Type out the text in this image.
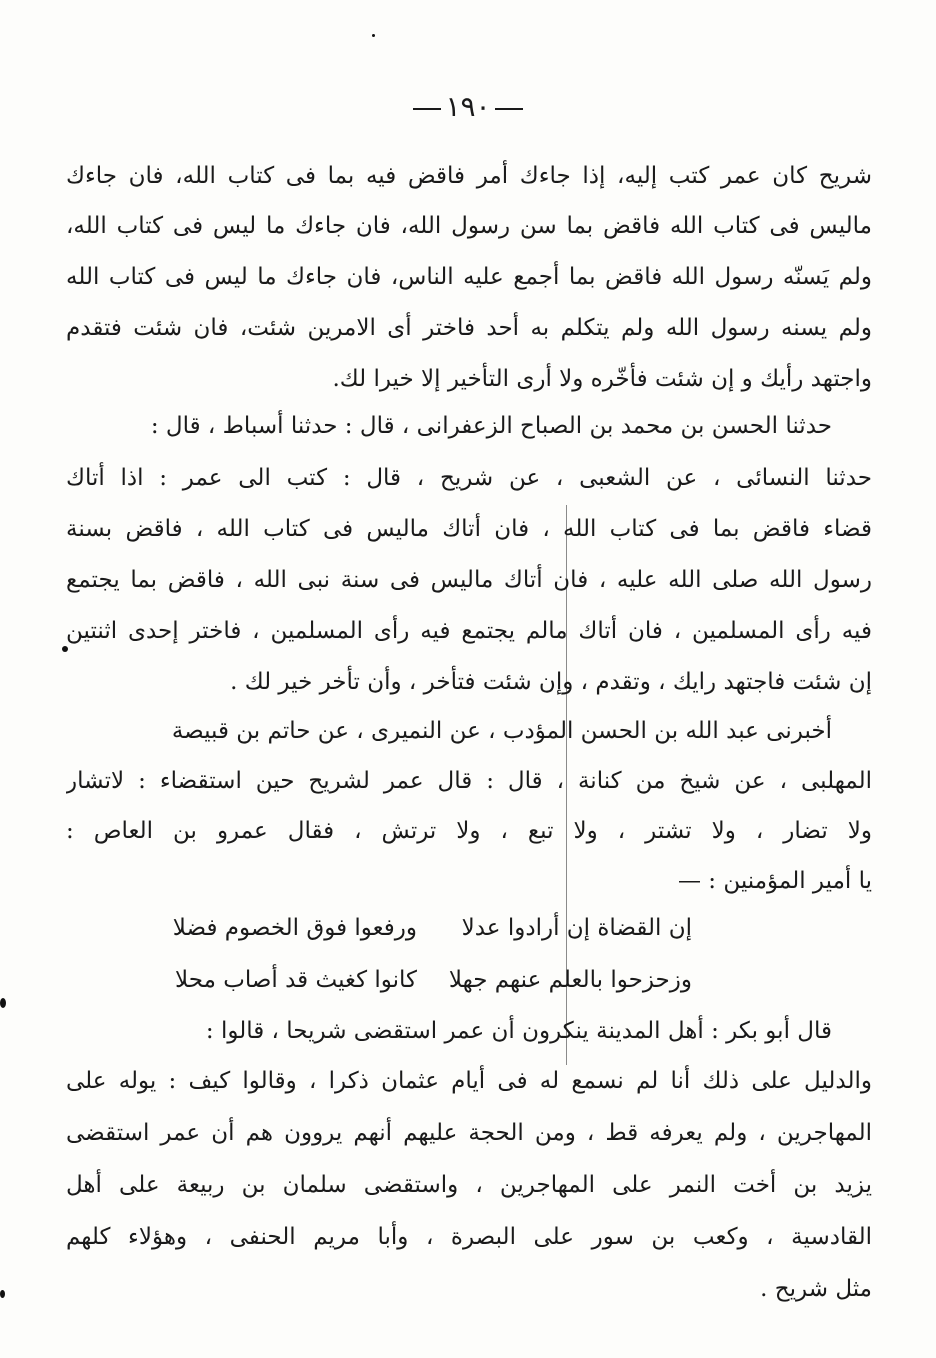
١٩٠
شريح كان عمر كتب إليه، إذا جاءك أمر فاقض فيه بما فى كتاب الله، فان جاءك
ماليس فى كتاب الله فاقض بما سن رسول الله، فان جاءك ما ليس فى كتاب الله،
ولم يَسنّه رسول الله فاقض بما أجمع عليه الناس، فان جاءك ما ليس فى كتاب الله
ولم يسنه رسول الله ولم يتكلم به أحد فاختر أى الامرين شئت، فان شئت فتقدم
واجتهد رأيك و إن شئت فأخّره ولا أرى التأخير إلا خيرا لك.
حدثنا الحسن بن محمد بن الصباح الزعفرانى ، قال : حدثنا أسباط ، قال :
حدثنا النسائى ، عن الشعبى ، عن شريح ، قال : كتب الى عمر : اذا أتاك
قضاء فاقض بما فى كتاب الله ، فان أتاك ماليس فى كتاب الله ، فاقض بسنة
رسول الله صلى الله عليه ، فان أتاك ماليس فى سنة نبى الله ، فاقض بما يجتمع
فيه رأى المسلمين ، فان أتاك مالم يجتمع فيه رأى المسلمين ، فاختر إحدى اثنتين
إن شئت فاجتهد رايك ، وتقدم ، وإن شئت فتأخر ، وأن تأخر خير لك .
أخبرنى عبد الله بن الحسن المؤدب ، عن النميرى ، عن حاتم بن قبيصة
المهلبى ، عن شيخ من كنانة ، قال : قال عمر لشريح حين استقضاء : لاتشار
ولا تضار ، ولا تشتر ، ولا تبع ، ولا ترتش ، فقال عمرو بن العاص :
يا أمير المؤمنين : —
إن القضاة إن أرادوا عدلا
ورفعوا فوق الخصوم فضلا
وزحزحوا بالعلم عنهم جهلا
كانوا كغيث قد أصاب محلا
قال أبو بكر : أهل المدينة ينكرون أن عمر استقضى شريحا ، قالوا :
والدليل على ذلك أنا لم نسمع له فى أيام عثمان ذكرا ، وقالوا كيف : يوله على
المهاجرين ، ولم يعرفه قط ، ومن الحجة عليهم أنهم يروون هم أن عمر استقضى
يزيد بن أخت النمر على المهاجرين ، واستقضى سلمان بن ربيعة على أهل
القادسية ، وكعب بن سور على البصرة ، وأبا مريم الحنفى ، وهؤلاء كلهم
مثل شريح .
